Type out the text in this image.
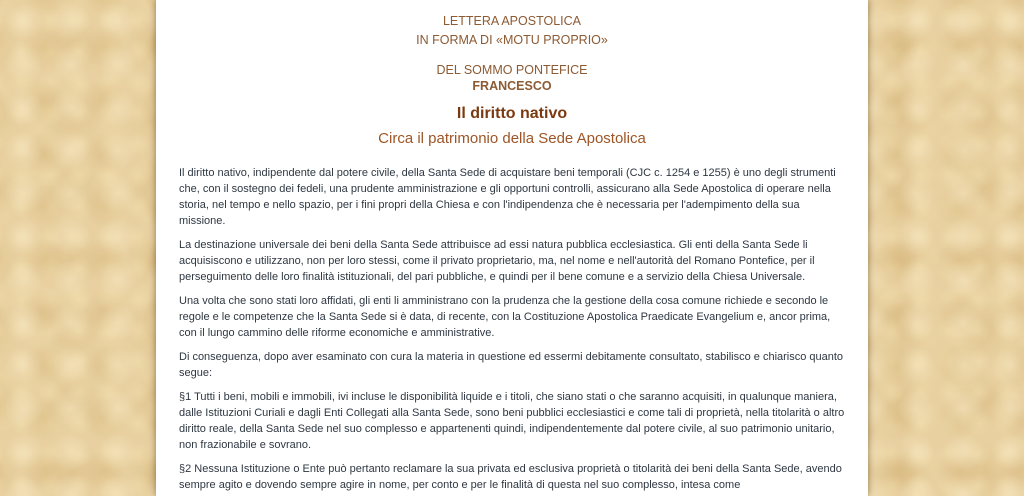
LETTERA APOSTOLICA
IN FORMA DI «MOTU PROPRIO»

DEL SOMMO PONTEFICE
FRANCESCO

Il diritto nativo
Circa il patrimonio della Sede Apostolica

Il diritto nativo, indipendente dal potere civile, della Santa Sede di acquistare beni temporali (CJC c. 1254 e 1255) è uno degli strumenti che, con il sostegno dei fedeli, una prudente amministrazione e gli opportuni controlli, assicurano alla Sede Apostolica di operare nella storia, nel tempo e nello spazio, per i fini propri della Chiesa e con l'indipendenza che è necessaria per l'adempimento della sua missione.

La destinazione universale dei beni della Santa Sede attribuisce ad essi natura pubblica ecclesiastica. Gli enti della Santa Sede li acquisiscono e utilizzano, non per loro stessi, come il privato proprietario, ma, nel nome e nell'autorità del Romano Pontefice, per il perseguimento delle loro finalità istituzionali, del pari pubbliche, e quindi per il bene comune e a servizio della Chiesa Universale.

Una volta che sono stati loro affidati, gli enti li amministrano con la prudenza che la gestione della cosa comune richiede e secondo le regole e le competenze che la Santa Sede si è data, di recente, con la Costituzione Apostolica Praedicate Evangelium e, ancor prima, con il lungo cammino delle riforme economiche e amministrative.

Di conseguenza, dopo aver esaminato con cura la materia in questione ed essermi debitamente consultato, stabilisco e chiarisco quanto segue:

§1 Tutti i beni, mobili e immobili, ivi incluse le disponibilità liquide e i titoli, che siano stati o che saranno acquisiti, in qualunque maniera, dalle Istituzioni Curiali e dagli Enti Collegati alla Santa Sede, sono beni pubblici ecclesiastici e come tali di proprietà, nella titolarità o altro diritto reale, della Santa Sede nel suo complesso e appartenenti quindi, indipendentemente dal potere civile, al suo patrimonio unitario, non frazionabile e sovrano.

§2 Nessuna Istituzione o Ente può pertanto reclamare la sua privata ed esclusiva proprietà o titolarità dei beni della Santa Sede, avendo sempre agito e dovendo sempre agire in nome, per conto e per le finalità di questa nel suo complesso, intesa come
